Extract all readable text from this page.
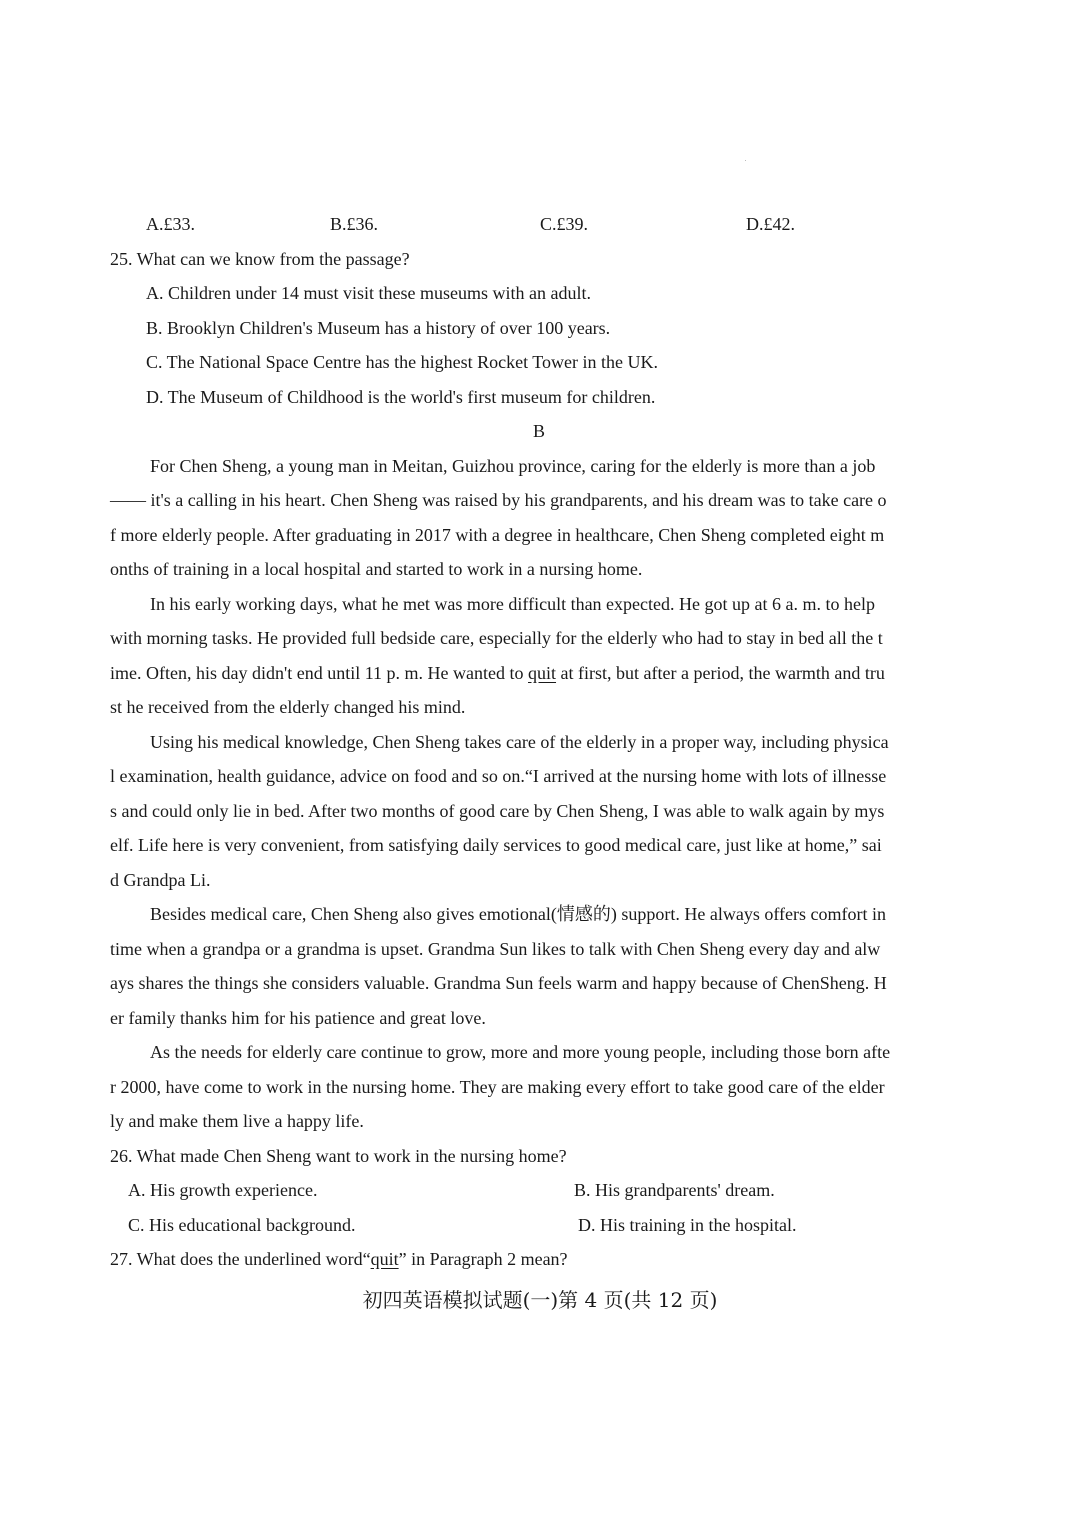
A.£33.	B.£36.	C.£39.	D.£42.
25. What can we know from the passage?
A. Children under 14 must visit these museums with an adult.
B. Brooklyn Children's Museum has a history of over 100 years.
C. The National Space Centre has the highest Rocket Tower in the UK.
D. The Museum of Childhood is the world's first museum for children.
B
For Chen Sheng, a young man in Meitan, Guizhou province, caring for the elderly is more than a job
—— it's a calling in his heart. Chen Sheng was raised by his grandparents, and his dream was to take care o
f more elderly people. After graduating in 2017 with a degree in healthcare, Chen Sheng completed eight m
onths of training in a local hospital and started to work in a nursing home.
In his early working days, what he met was more difficult than expected. He got up at 6 a. m. to help
with morning tasks. He provided full bedside care, especially for the elderly who had to stay in bed all the t
ime. Often, his day didn't end until 11 p. m. He wanted to quit at first, but after a period, the warmth and tru
st he received from the elderly changed his mind.
Using his medical knowledge, Chen Sheng takes care of the elderly in a proper way, including physica
l examination, health guidance, advice on food and so on.“I arrived at the nursing home with lots of illnesse
s and could only lie in bed. After two months of good care by Chen Sheng, I was able to walk again by mys
elf. Life here is very convenient, from satisfying daily services to good medical care, just like at home,” sai
d Grandpa Li.
Besides medical care, Chen Sheng also gives emotional(情感的) support. He always offers comfort in
time when a grandpa or a grandma is upset. Grandma Sun likes to talk with Chen Sheng every day and alw
ays shares the things she considers valuable. Grandma Sun feels warm and happy because of ChenSheng. H
er family thanks him for his patience and great love.
As the needs for elderly care continue to grow, more and more young people, including those born afte
r 2000, have come to work in the nursing home. They are making every effort to take good care of the elder
ly and make them live a happy life.
26. What made Chen Sheng want to work in the nursing home?
A. His growth experience.	B. His grandparents' dream.
C. His educational background.	D. His training in the hospital.
27. What does the underlined word“quit” in Paragraph 2 mean?
初四英语模拟试题(一)第 4 页(共 12 页)
